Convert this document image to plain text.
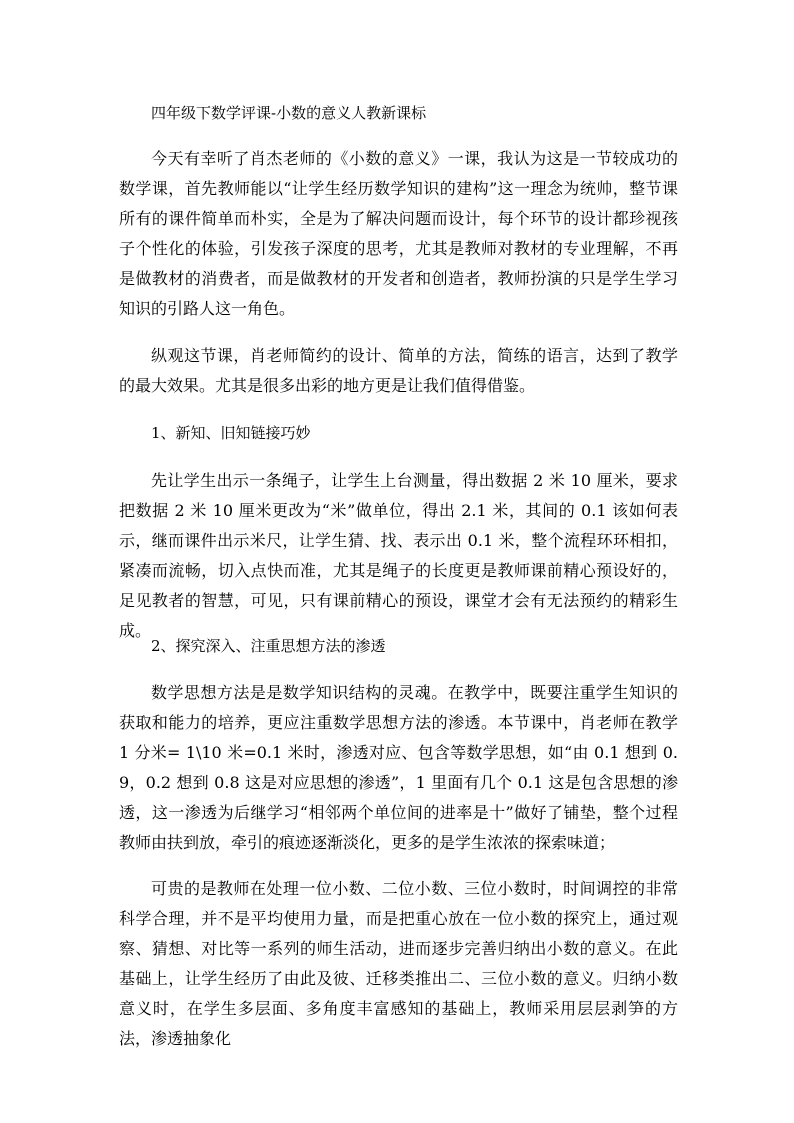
四年级下数学评课-小数的意义人教新课标

今天有幸听了肖杰老师的《小数的意义》一课，我认为这是一节较成功的数学课，首先教师能以“让学生经历数学知识的建构”这一理念为统帅，整节课所有的课件简单而朴实，全是为了解决问题而设计，每个环节的设计都珍视孩子个性化的体验，引发孩子深度的思考，尤其是教师对教材的专业理解，不再是做教材的消费者，而是做教材的开发者和创造者，教师扮演的只是学生学习知识的引路人这一角色。

纵观这节课，肖老师简约的设计、简单的方法，简练的语言，达到了教学的最大效果。尤其是很多出彩的地方更是让我们值得借鉴。

1、新知、旧知链接巧妙

先让学生出示一条绳子，让学生上台测量，得出数据 2 米 10 厘米，要求把数据 2 米 10 厘米更改为“米”做单位，得出 2.1 米，其间的 0.1 该如何表示，继而课件出示米尺，让学生猜、找、表示出 0.1 米，整个流程环环相扣，紧凑而流畅，切入点快而准，尤其是绳子的长度更是教师课前精心预设好的，足见教者的智慧，可见，只有课前精心的预设，课堂才会有无法预约的精彩生成。

2、探究深入、注重思想方法的渗透

数学思想方法是是数学知识结构的灵魂。在教学中，既要注重学生知识的获取和能力的培养，更应注重数学思想方法的渗透。本节课中，肖老师在教学 1 分米= 1\10 米=0.1 米时，渗透对应、包含等数学思想，如“由 0.1 想到 0.9，0.2 想到 0.8 这是对应思想的渗透”，1 里面有几个 0.1 这是包含思想的渗透，这一渗透为后继学习“相邻两个单位间的进率是十”做好了铺垫，整个过程教师由扶到放，牵引的痕迹逐渐淡化，更多的是学生浓浓的探索味道；

可贵的是教师在处理一位小数、二位小数、三位小数时，时间调控的非常科学合理，并不是平均使用力量，而是把重心放在一位小数的探究上，通过观察、猜想、对比等一系列的师生活动，进而逐步完善归纳出小数的意义。在此基础上，让学生经历了由此及彼、迁移类推出二、三位小数的意义。归纳小数意义时，在学生多层面、多角度丰富感知的基础上，教师采用层层剥笋的方法，渗透抽象化
